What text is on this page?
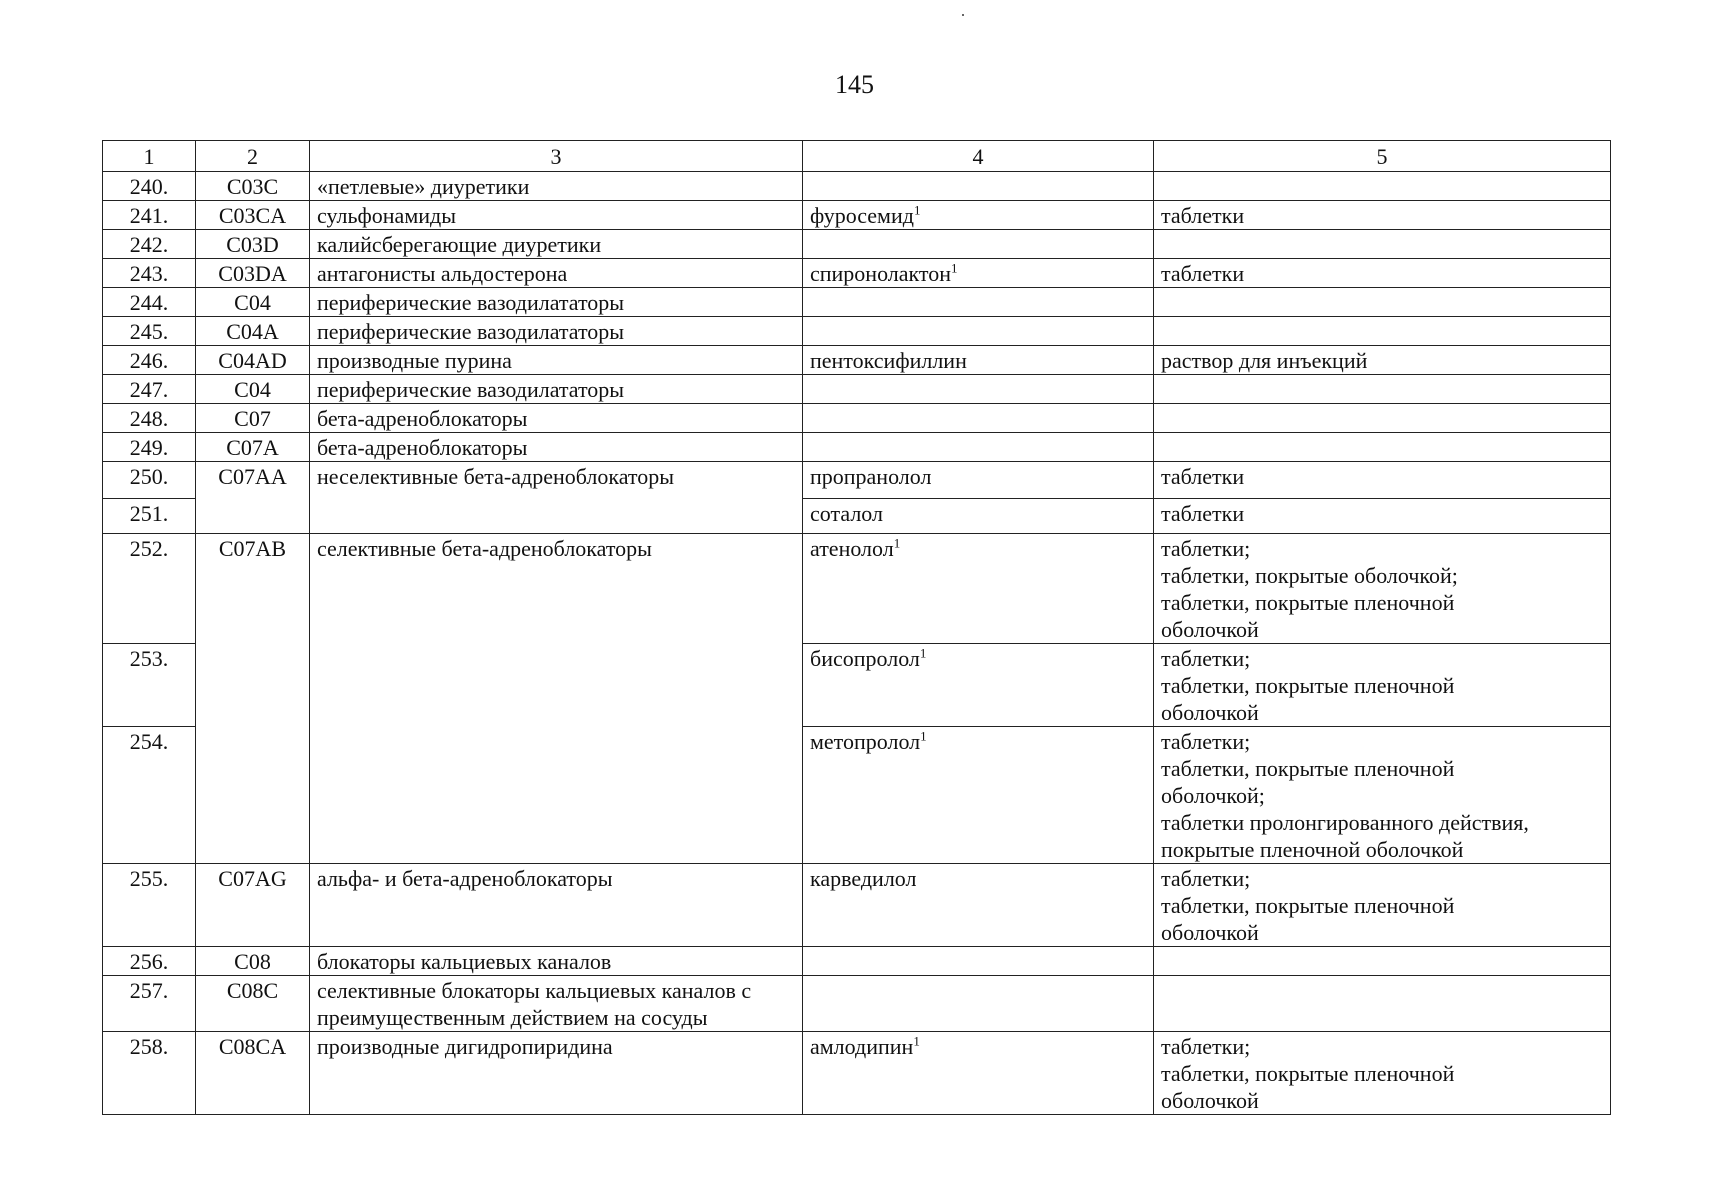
145
1	2	3	4	5
240.	C03C	«петлевые» диуретики		
241.	C03CA	сульфонамиды	фуросемид$^1$	таблетки

242.	C03D	калийсберегающие диуретики		
243.	C03DA	антагонисты альдостерона	спиронолактон$^1$	таблетки

244.	C04	периферические вазодилататоры		
245.	C04A	периферические вазодилататоры		
246.	C04AD	производные пурина	пентоксифиллин	раствор для инъекций

247.	C04	периферические вазодилататоры		
248.	C07	бета-адреноблокаторы		
249.	C07A	бета-адреноблокаторы		
250.	C07AA	неселективные бета-адреноблокаторы	пропранолол	таблетки

251.			соталол	таблетки

252.	C07AB	селективные бета-адреноблокаторы	атенолол$^1$	таблетки;
таблетки, покрытые оболочкой;
таблетки, покрытые пленочной
оболочкой

253.			бисопролол$^1$	таблетки;
таблетки, покрытые пленочной
оболочкой

254.			метопролол$^1$	таблетки;
таблетки, покрытые пленочной
оболочкой;
таблетки пролонгированного действия,
покрытые пленочной оболочкой

255.	C07AG	альфа- и бета-адреноблокаторы	карведилол	таблетки;
таблетки, покрытые пленочной
оболочкой

256.	C08	блокаторы кальциевых каналов		
257.	C08C	селективные блокаторы кальциевых каналов с преимущественным действием на сосуды		
258.	C08CA	производные дигидропиридина	амлодипин$^1$	таблетки;
таблетки, покрытые пленочной
оболочкой
